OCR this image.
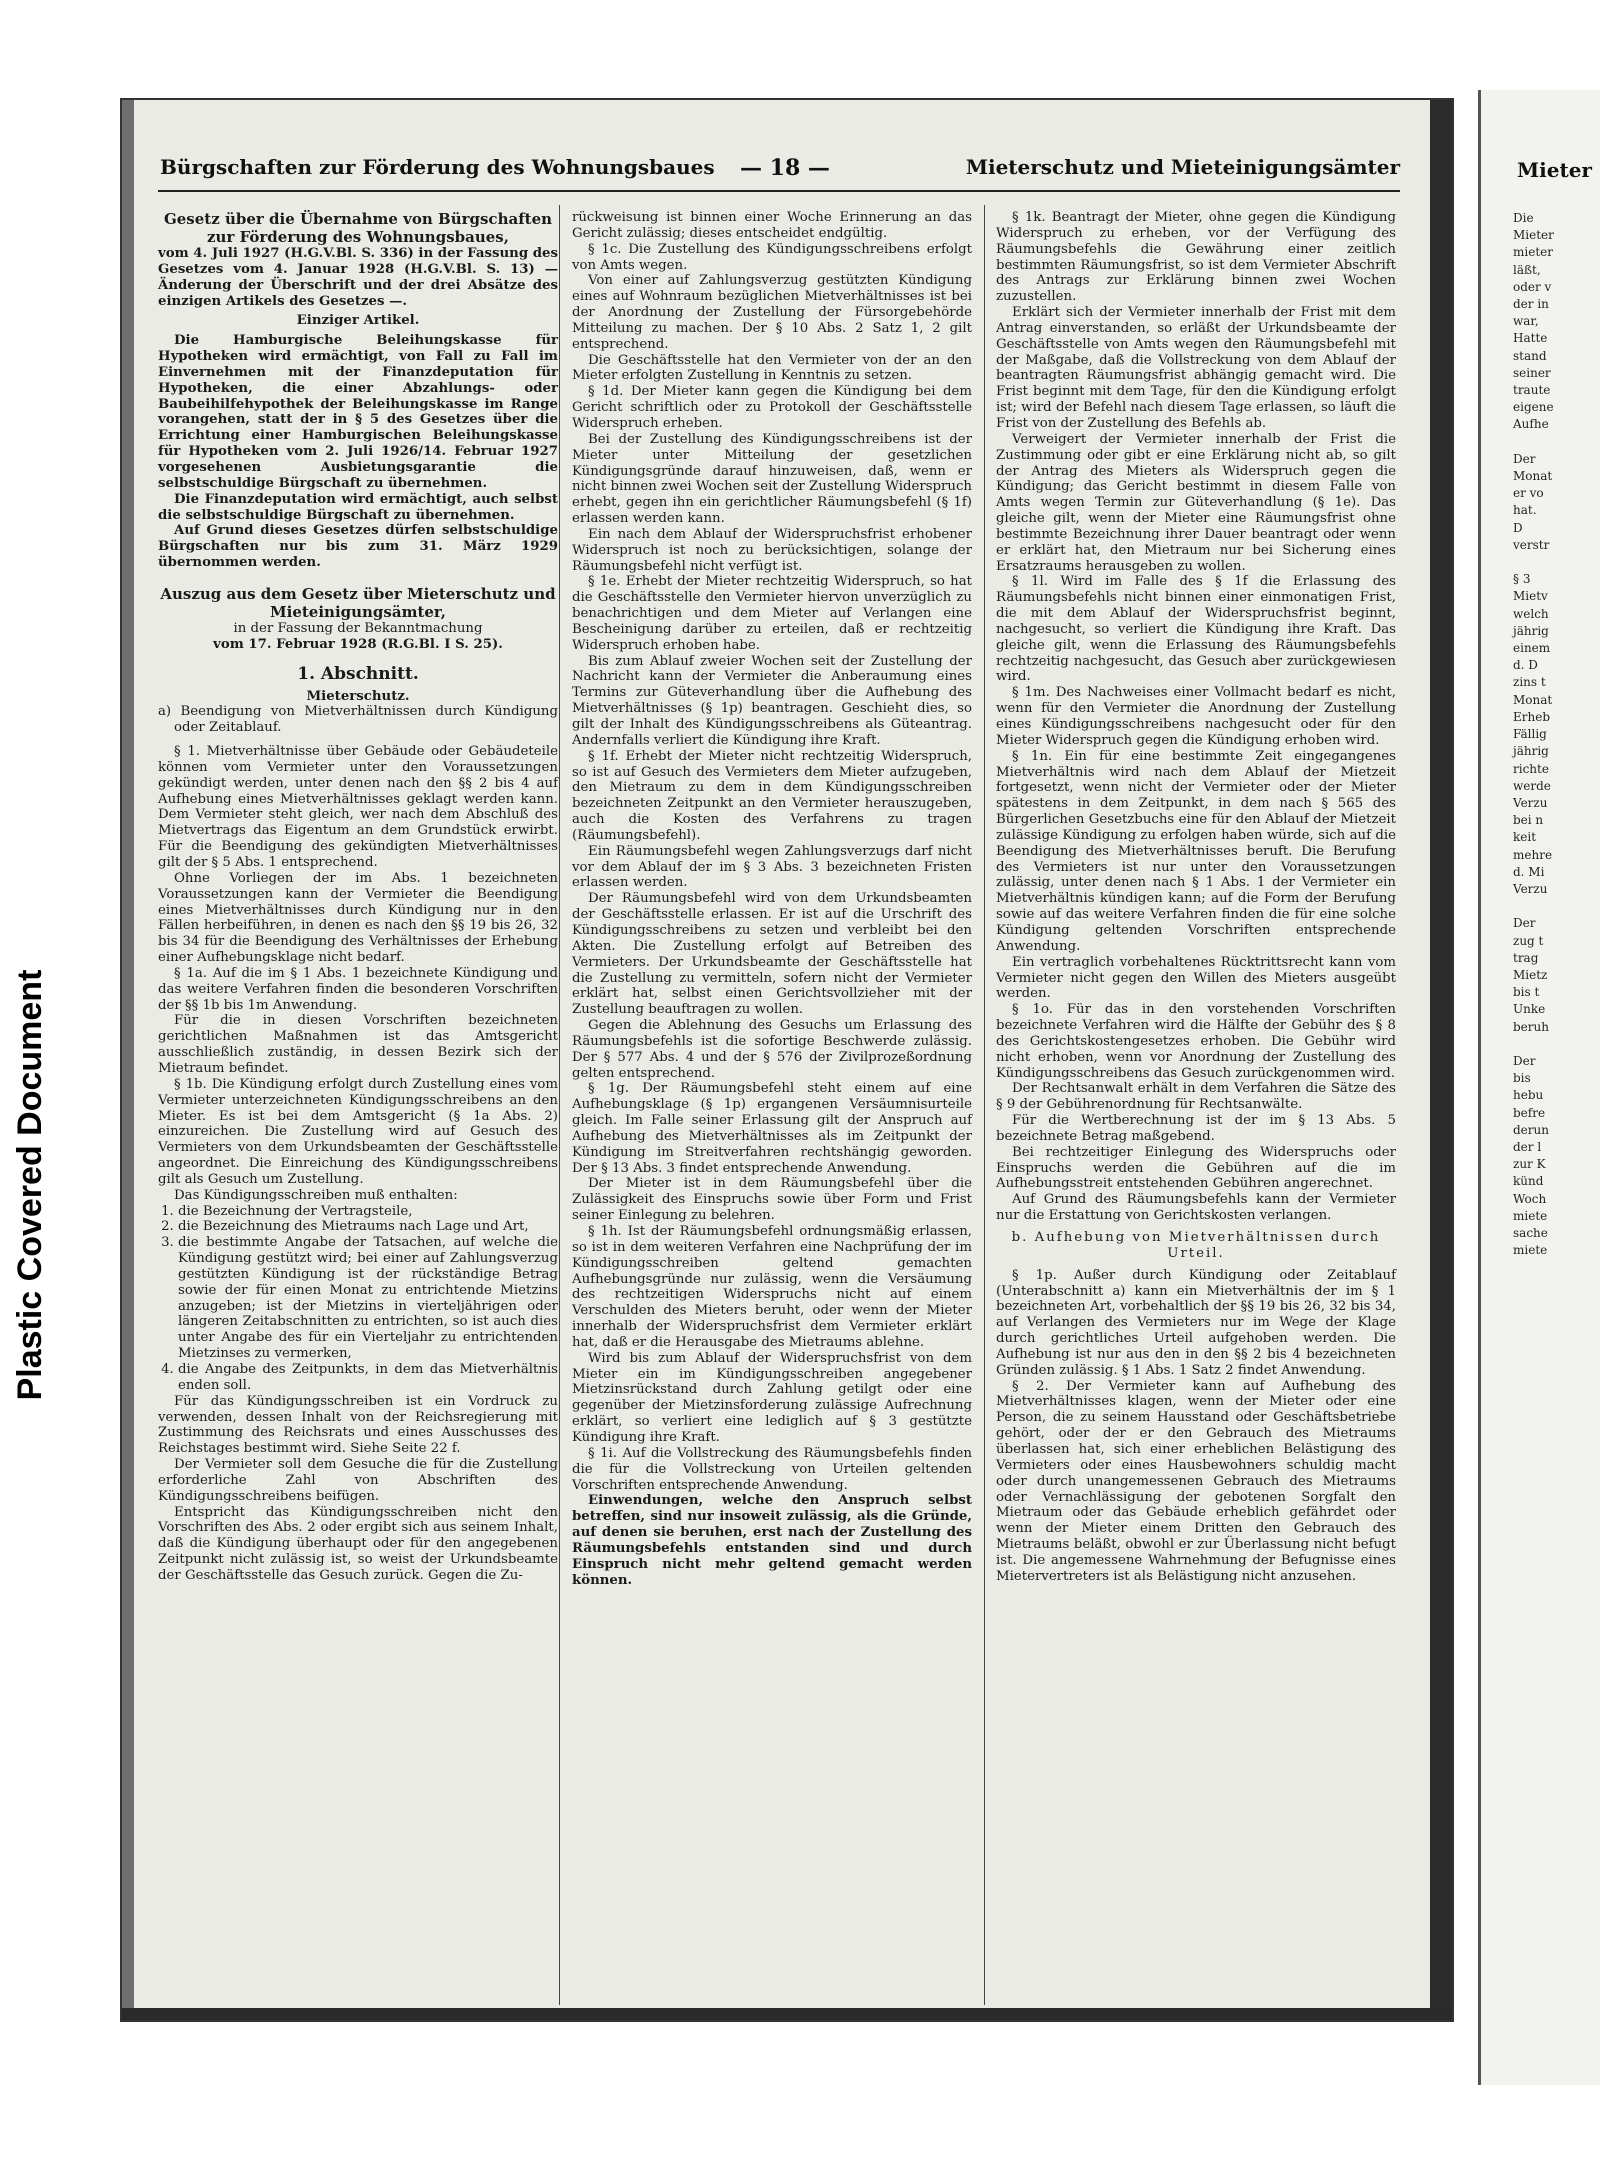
Plastic Covered Document
Mieter
Die
Mieter
mieter
läßt,
oder v
der in
war,
Hatte
stand
seiner
traute
eigene
Aufhe

Der
Monat
er vo
hat.
D
verstr

§ 3
Mietv
welch
jährig
einem
d. D
zins t
Monat
Erheb
Fällig
jährig
richte
werde
Verzu
bei n
keit
mehre
d. Mi
Verzu

Der
zug t
trag
Mietz
bis t
Unke
beruh

Der
bis
hebu
befre
derun
der l
zur K
künd
Woch
miete
sache
miete
Bürgschaften zur Förderung des Wohnungsbaues — 18 —	Mieterschutz und Mieteinigungsämter

Gesetz über die Übernahme von Bürgschaften zur Förderung des Wohnungsbaues,

vom 4. Juli 1927 (H.G.V.Bl. S. 336) in der Fassung des Gesetzes vom 4. Januar 1928 (H.G.V.Bl. S. 13) — Änderung der Überschrift und der drei Absätze des einzigen Artikels des Gesetzes —.

Einziger Artikel.

Die Hamburgische Beleihungskasse für Hypotheken wird ermächtigt, von Fall zu Fall im Einvernehmen mit der Finanzdeputation für Hypotheken, die einer Abzahlungs- oder Baubeihilfehypothek der Beleihungskasse im Range vorangehen, statt der in § 5 des Gesetzes über die Errichtung einer Hamburgischen Beleihungskasse für Hypotheken vom 2. Juli 1926/14. Februar 1927 vorgesehenen Ausbietungsgarantie die selbstschuldige Bürgschaft zu übernehmen.

Die Finanzdeputation wird ermächtigt, auch selbst die selbstschuldige Bürgschaft zu übernehmen.

Auf Grund dieses Gesetzes dürfen selbstschuldige Bürgschaften nur bis zum 31. März 1929 übernommen werden.

Auszug aus dem Gesetz über Mieterschutz und Mieteinigungsämter,

in der Fassung der Bekanntmachung

vom 17. Februar 1928 (R.G.Bl. I S. 25).

1. Abschnitt.

Mieterschutz.

a) Beendigung von Mietverhältnissen durch Kündigung oder Zeitablauf.

§ 1. Mietverhältnisse über Gebäude oder Gebäudeteile können vom Vermieter unter den Voraussetzungen gekündigt werden, unter denen nach den §§ 2 bis 4 auf Aufhebung eines Mietverhältnisses geklagt werden kann. Dem Vermieter steht gleich, wer nach dem Abschluß des Mietvertrags das Eigentum an dem Grundstück erwirbt. Für die Beendigung des gekündigten Mietverhältnisses gilt der § 5 Abs. 1 entsprechend.

Ohne Vorliegen der im Abs. 1 bezeichneten Voraussetzungen kann der Vermieter die Beendigung eines Mietverhältnisses durch Kündigung nur in den Fällen herbeiführen, in denen es nach den §§ 19 bis 26, 32 bis 34 für die Beendigung des Verhältnisses der Erhebung einer Aufhebungsklage nicht bedarf.

§ 1a. Auf die im § 1 Abs. 1 bezeichnete Kündigung und das weitere Verfahren finden die besonderen Vorschriften der §§ 1b bis 1m Anwendung.

Für die in diesen Vorschriften bezeichneten gerichtlichen Maßnahmen ist das Amtsgericht ausschließlich zuständig, in dessen Bezirk sich der Mietraum befindet.

§ 1b. Die Kündigung erfolgt durch Zustellung eines vom Vermieter unterzeichneten Kündigungsschreibens an den Mieter. Es ist bei dem Amtsgericht (§ 1a Abs. 2) einzureichen. Die Zustellung wird auf Gesuch des Vermieters von dem Urkundsbeamten der Geschäftsstelle angeordnet. Die Einreichung des Kündigungsschreibens gilt als Gesuch um Zustellung.

Das Kündigungsschreiben muß enthalten:

1. die Bezeichnung der Vertragsteile,
2. die Bezeichnung des Mietraums nach Lage und Art,
3. die bestimmte Angabe der Tatsachen, auf welche die Kündigung gestützt wird; bei einer auf Zahlungsverzug gestützten Kündigung ist der rückständige Betrag sowie der für einen Monat zu entrichtende Mietzins anzugeben; ist der Mietzins in vierteljährigen oder längeren Zeitabschnitten zu entrichten, so ist auch dies unter Angabe des für ein Vierteljahr zu entrichtenden Mietzinses zu vermerken,
4. die Angabe des Zeitpunkts, in dem das Mietverhältnis enden soll.

Für das Kündigungsschreiben ist ein Vordruck zu verwenden, dessen Inhalt von der Reichsregierung mit Zustimmung des Reichsrats und eines Ausschusses des Reichstages bestimmt wird. Siehe Seite 22 f.

Der Vermieter soll dem Gesuche die für die Zustellung erforderliche Zahl von Abschriften des Kündigungsschreibens beifügen.

Entspricht das Kündigungsschreiben nicht den Vorschriften des Abs. 2 oder ergibt sich aus seinem Inhalt, daß die Kündigung überhaupt oder für den angegebenen Zeitpunkt nicht zulässig ist, so weist der Urkundsbeamte der Geschäftsstelle das Gesuch zurück. Gegen die Zu-

rückweisung ist binnen einer Woche Erinnerung an das Gericht zulässig; dieses entscheidet endgültig.

§ 1c. Die Zustellung des Kündigungsschreibens erfolgt von Amts wegen.

Von einer auf Zahlungsverzug gestützten Kündigung eines auf Wohnraum bezüglichen Mietverhältnisses ist bei der Anordnung der Zustellung der Fürsorgebehörde Mitteilung zu machen. Der § 10 Abs. 2 Satz 1, 2 gilt entsprechend.

Die Geschäftsstelle hat den Vermieter von der an den Mieter erfolgten Zustellung in Kenntnis zu setzen.

§ 1d. Der Mieter kann gegen die Kündigung bei dem Gericht schriftlich oder zu Protokoll der Geschäftsstelle Widerspruch erheben.

Bei der Zustellung des Kündigungsschreibens ist der Mieter unter Mitteilung der gesetzlichen Kündigungsgründe darauf hinzuweisen, daß, wenn er nicht binnen zwei Wochen seit der Zustellung Widerspruch erhebt, gegen ihn ein gerichtlicher Räumungsbefehl (§ 1f) erlassen werden kann.

Ein nach dem Ablauf der Widerspruchsfrist erhobener Widerspruch ist noch zu berücksichtigen, solange der Räumungsbefehl nicht verfügt ist.

§ 1e. Erhebt der Mieter rechtzeitig Widerspruch, so hat die Geschäftsstelle den Vermieter hiervon unverzüglich zu benachrichtigen und dem Mieter auf Verlangen eine Bescheinigung darüber zu erteilen, daß er rechtzeitig Widerspruch erhoben habe.

Bis zum Ablauf zweier Wochen seit der Zustellung der Nachricht kann der Vermieter die Anberaumung eines Termins zur Güteverhandlung über die Aufhebung des Mietverhältnisses (§ 1p) beantragen. Geschieht dies, so gilt der Inhalt des Kündigungsschreibens als Güteantrag. Andernfalls verliert die Kündigung ihre Kraft.

§ 1f. Erhebt der Mieter nicht rechtzeitig Widerspruch, so ist auf Gesuch des Vermieters dem Mieter aufzugeben, den Mietraum zu dem in dem Kündigungsschreiben bezeichneten Zeitpunkt an den Vermieter herauszugeben, auch die Kosten des Verfahrens zu tragen (Räumungsbefehl).

Ein Räumungsbefehl wegen Zahlungsverzugs darf nicht vor dem Ablauf der im § 3 Abs. 3 bezeichneten Fristen erlassen werden.

Der Räumungsbefehl wird von dem Urkundsbeamten der Geschäftsstelle erlassen. Er ist auf die Urschrift des Kündigungsschreibens zu setzen und verbleibt bei den Akten. Die Zustellung erfolgt auf Betreiben des Vermieters. Der Urkundsbeamte der Geschäftsstelle hat die Zustellung zu vermitteln, sofern nicht der Vermieter erklärt hat, selbst einen Gerichtsvollzieher mit der Zustellung beauftragen zu wollen.

Gegen die Ablehnung des Gesuchs um Erlassung des Räumungsbefehls ist die sofortige Beschwerde zulässig. Der § 577 Abs. 4 und der § 576 der Zivilprozeßordnung gelten entsprechend.

§ 1g. Der Räumungsbefehl steht einem auf eine Aufhebungsklage (§ 1p) ergangenen Versäumnisurteile gleich. Im Falle seiner Erlassung gilt der Anspruch auf Aufhebung des Mietverhältnisses als im Zeitpunkt der Kündigung im Streitverfahren rechtshängig geworden. Der § 13 Abs. 3 findet entsprechende Anwendung.

Der Mieter ist in dem Räumungsbefehl über die Zulässigkeit des Einspruchs sowie über Form und Frist seiner Einlegung zu belehren.

§ 1h. Ist der Räumungsbefehl ordnungsmäßig erlassen, so ist in dem weiteren Verfahren eine Nachprüfung der im Kündigungsschreiben geltend gemachten Aufhebungsgründe nur zulässig, wenn die Versäumung des rechtzeitigen Widerspruchs nicht auf einem Verschulden des Mieters beruht, oder wenn der Mieter innerhalb der Widerspruchsfrist dem Vermieter erklärt hat, daß er die Herausgabe des Mietraums ablehne.

Wird bis zum Ablauf der Widerspruchsfrist von dem Mieter ein im Kündigungsschreiben angegebener Mietzinsrückstand durch Zahlung getilgt oder eine gegenüber der Mietzinsforderung zulässige Aufrechnung erklärt, so verliert eine lediglich auf § 3 gestützte Kündigung ihre Kraft.

§ 1i. Auf die Vollstreckung des Räumungsbefehls finden die für die Vollstreckung von Urteilen geltenden Vorschriften entsprechende Anwendung.

Einwendungen, welche den Anspruch selbst betreffen, sind nur insoweit zulässig, als die Gründe, auf denen sie beruhen, erst nach der Zustellung des Räumungsbefehls entstanden sind und durch Einspruch nicht mehr geltend gemacht werden können.

§ 1k. Beantragt der Mieter, ohne gegen die Kündigung Widerspruch zu erheben, vor der Verfügung des Räumungsbefehls die Gewährung einer zeitlich bestimmten Räumungsfrist, so ist dem Vermieter Abschrift des Antrags zur Erklärung binnen zwei Wochen zuzustellen.

Erklärt sich der Vermieter innerhalb der Frist mit dem Antrag einverstanden, so erläßt der Urkundsbeamte der Geschäftsstelle von Amts wegen den Räumungsbefehl mit der Maßgabe, daß die Vollstreckung von dem Ablauf der beantragten Räumungsfrist abhängig gemacht wird. Die Frist beginnt mit dem Tage, für den die Kündigung erfolgt ist; wird der Befehl nach diesem Tage erlassen, so läuft die Frist von der Zustellung des Befehls ab.

Verweigert der Vermieter innerhalb der Frist die Zustimmung oder gibt er eine Erklärung nicht ab, so gilt der Antrag des Mieters als Widerspruch gegen die Kündigung; das Gericht bestimmt in diesem Falle von Amts wegen Termin zur Güteverhandlung (§ 1e). Das gleiche gilt, wenn der Mieter eine Räumungsfrist ohne bestimmte Bezeichnung ihrer Dauer beantragt oder wenn er erklärt hat, den Mietraum nur bei Sicherung eines Ersatzraums herausgeben zu wollen.

§ 1l. Wird im Falle des § 1f die Erlassung des Räumungsbefehls nicht binnen einer einmonatigen Frist, die mit dem Ablauf der Widerspruchsfrist beginnt, nachgesucht, so verliert die Kündigung ihre Kraft. Das gleiche gilt, wenn die Erlassung des Räumungsbefehls rechtzeitig nachgesucht, das Gesuch aber zurückgewiesen wird.

§ 1m. Des Nachweises einer Vollmacht bedarf es nicht, wenn für den Vermieter die Anordnung der Zustellung eines Kündigungsschreibens nachgesucht oder für den Mieter Widerspruch gegen die Kündigung erhoben wird.

§ 1n. Ein für eine bestimmte Zeit eingegangenes Mietverhältnis wird nach dem Ablauf der Mietzeit fortgesetzt, wenn nicht der Vermieter oder der Mieter spätestens in dem Zeitpunkt, in dem nach § 565 des Bürgerlichen Gesetzbuchs eine für den Ablauf der Mietzeit zulässige Kündigung zu erfolgen haben würde, sich auf die Beendigung des Mietverhältnisses beruft. Die Berufung des Vermieters ist nur unter den Voraussetzungen zulässig, unter denen nach § 1 Abs. 1 der Vermieter ein Mietverhältnis kündigen kann; auf die Form der Berufung sowie auf das weitere Verfahren finden die für eine solche Kündigung geltenden Vorschriften entsprechende Anwendung.

Ein vertraglich vorbehaltenes Rücktrittsrecht kann vom Vermieter nicht gegen den Willen des Mieters ausgeübt werden.

§ 1o. Für das in den vorstehenden Vorschriften bezeichnete Verfahren wird die Hälfte der Gebühr des § 8 des Gerichtskostengesetzes erhoben. Die Gebühr wird nicht erhoben, wenn vor Anordnung der Zustellung des Kündigungsschreibens das Gesuch zurückgenommen wird.

Der Rechtsanwalt erhält in dem Verfahren die Sätze des § 9 der Gebührenordnung für Rechtsanwälte.

Für die Wertberechnung ist der im § 13 Abs. 5 bezeichnete Betrag maßgebend.

Bei rechtzeitiger Einlegung des Widerspruchs oder Einspruchs werden die Gebühren auf die im Aufhebungsstreit entstehenden Gebühren angerechnet.

Auf Grund des Räumungsbefehls kann der Vermieter nur die Erstattung von Gerichtskosten verlangen.

b. Aufhebung von Mietverhältnissen durch Urteil.

§ 1p. Außer durch Kündigung oder Zeitablauf (Unterabschnitt a) kann ein Mietverhältnis der im § 1 bezeichneten Art, vorbehaltlich der §§ 19 bis 26, 32 bis 34, auf Verlangen des Vermieters nur im Wege der Klage durch gerichtliches Urteil aufgehoben werden. Die Aufhebung ist nur aus den in den §§ 2 bis 4 bezeichneten Gründen zulässig. § 1 Abs. 1 Satz 2 findet Anwendung.

§ 2. Der Vermieter kann auf Aufhebung des Mietverhältnisses klagen, wenn der Mieter oder eine Person, die zu seinem Hausstand oder Geschäftsbetriebe gehört, oder der er den Gebrauch des Mietraums überlassen hat, sich einer erheblichen Belästigung des Vermieters oder eines Hausbewohners schuldig macht oder durch unangemessenen Gebrauch des Mietraums oder Vernachlässigung der gebotenen Sorgfalt den Mietraum oder das Gebäude erheblich gefährdet oder wenn der Mieter einem Dritten den Gebrauch des Mietraums beläßt, obwohl er zur Überlassung nicht befugt ist. Die angemessene Wahrnehmung der Befugnisse eines Mietervertreters ist als Belästigung nicht anzusehen.
